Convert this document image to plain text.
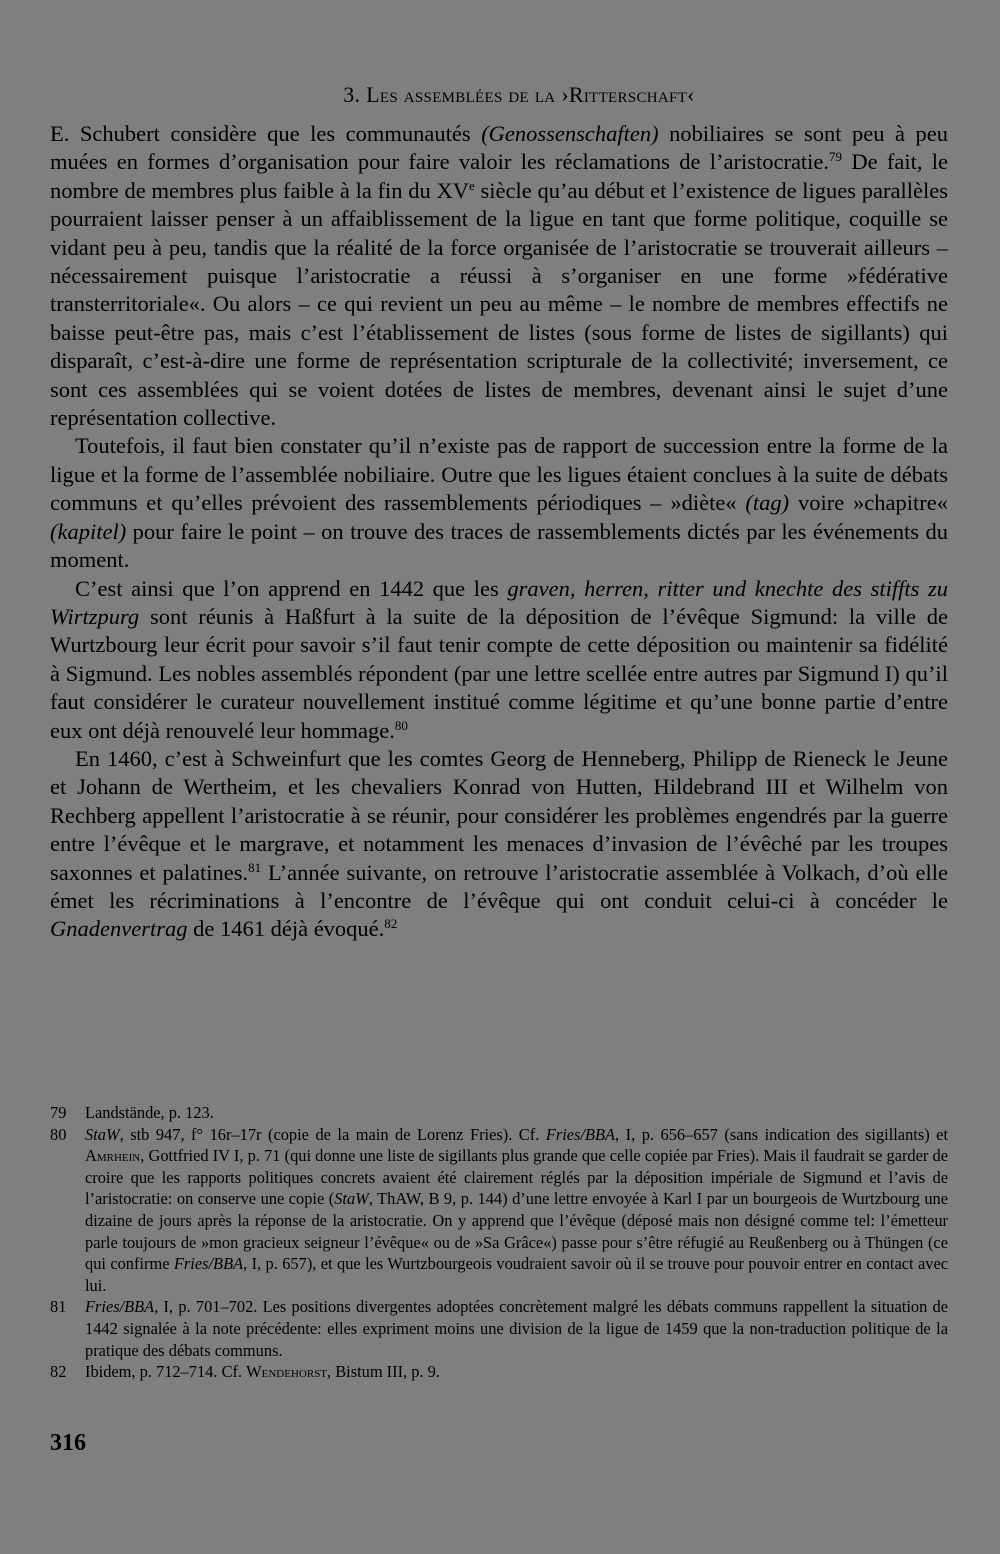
3. Les assemblées de la ›Ritterschaft‹

E. Schubert considère que les communautés (Genossenschaften) nobiliaires se sont peu à peu muées en formes d’organisation pour faire valoir les réclamations de l’aristocratie.$^{79}$ De fait, le nombre de membres plus faible à la fin du XVe siècle qu’au début et l’existence de ligues parallèles pourraient laisser penser à un affaiblissement de la ligue en tant que forme politique, coquille se vidant peu à peu, tandis que la réalité de la force organisée de l’aristocratie se trouverait ailleurs – nécessairement puisque l’aristocratie a réussi à s’organiser en une forme »fédérative transterritoriale«. Ou alors – ce qui revient un peu au même – le nombre de membres effectifs ne baisse peut-être pas, mais c’est l’établissement de listes (sous forme de listes de sigillants) qui disparaît, c’est-à-dire une forme de représentation scripturale de la collectivité; inversement, ce sont ces assemblées qui se voient dotées de listes de membres, devenant ainsi le sujet d’une représentation collective.

Toutefois, il faut bien constater qu’il n’existe pas de rapport de succession entre la forme de la ligue et la forme de l’assemblée nobiliaire. Outre que les ligues étaient conclues à la suite de débats communs et qu’elles prévoient des rassemblements périodiques – »diète« (tag) voire »chapitre« (kapitel) pour faire le point – on trouve des traces de rassemblements dictés par les événements du moment.

C’est ainsi que l’on apprend en 1442 que les graven, herren, ritter und knechte des stiffts zu Wirtzpurg sont réunis à Haßfurt à la suite de la déposition de l’évêque Sigmund: la ville de Wurtzbourg leur écrit pour savoir s’il faut tenir compte de cette déposition ou maintenir sa fidélité à Sigmund. Les nobles assemblés répondent (par une lettre scellée entre autres par Sigmund I) qu’il faut considérer le curateur nouvellement institué comme légitime et qu’une bonne partie d’entre eux ont déjà renouvelé leur hommage.$^{80}$

En 1460, c’est à Schweinfurt que les comtes Georg de Henneberg, Philipp de Rieneck le Jeune et Johann de Wertheim, et les chevaliers Konrad von Hutten, Hildebrand III et Wilhelm von Rechberg appellent l’aristocratie à se réunir, pour considérer les problèmes engendrés par la guerre entre l’évêque et le margrave, et notamment les menaces d’invasion de l’évêché par les troupes saxonnes et palatines.$^{81}$ L’année suivante, on retrouve l’aristocratie assemblée à Volkach, d’où elle émet les récriminations à l’encontre de l’évêque qui ont conduit celui-ci à concéder le Gnadenvertrag de 1461 déjà évoqué.$^{82}$

79	Landstände, p. 123.
80	StaW, stb 947, f° 16r–17r (copie de la main de Lorenz Fries). Cf. Fries/BBA, I, p. 656–657 (sans indication des sigillants) et Amrhein, Gottfried IV I, p. 71 (qui donne une liste de sigillants plus grande que celle copiée par Fries). Mais il faudrait se garder de croire que les rapports politiques concrets avaient été clairement réglés par la déposition impériale de Sigmund et l’avis de l’aristocratie: on conserve une copie (StaW, ThAW, B 9, p. 144) d’une lettre envoyée à Karl I par un bourgeois de Wurtzbourg une dizaine de jours après la réponse de la aristocratie. On y apprend que l’évêque (déposé mais non désigné comme tel: l’émetteur parle toujours de »mon gracieux seigneur l’évêque« ou de »Sa Grâce«) passe pour s’être réfugié au Reußenberg ou à Thüngen (ce qui confirme Fries/BBA, I, p. 657), et que les Wurtzbourgeois voudraient savoir où il se trouve pour pouvoir entrer en contact avec lui.
81	Fries/BBA, I, p. 701–702. Les positions divergentes adoptées concrètement malgré les débats communs rappellent la situation de 1442 signalée à la note précédente: elles expriment moins une division de la ligue de 1459 que la non-traduction politique de la pratique des débats communs.
82	Ibidem, p. 712–714. Cf. Wendehorst, Bistum III, p. 9.
316
